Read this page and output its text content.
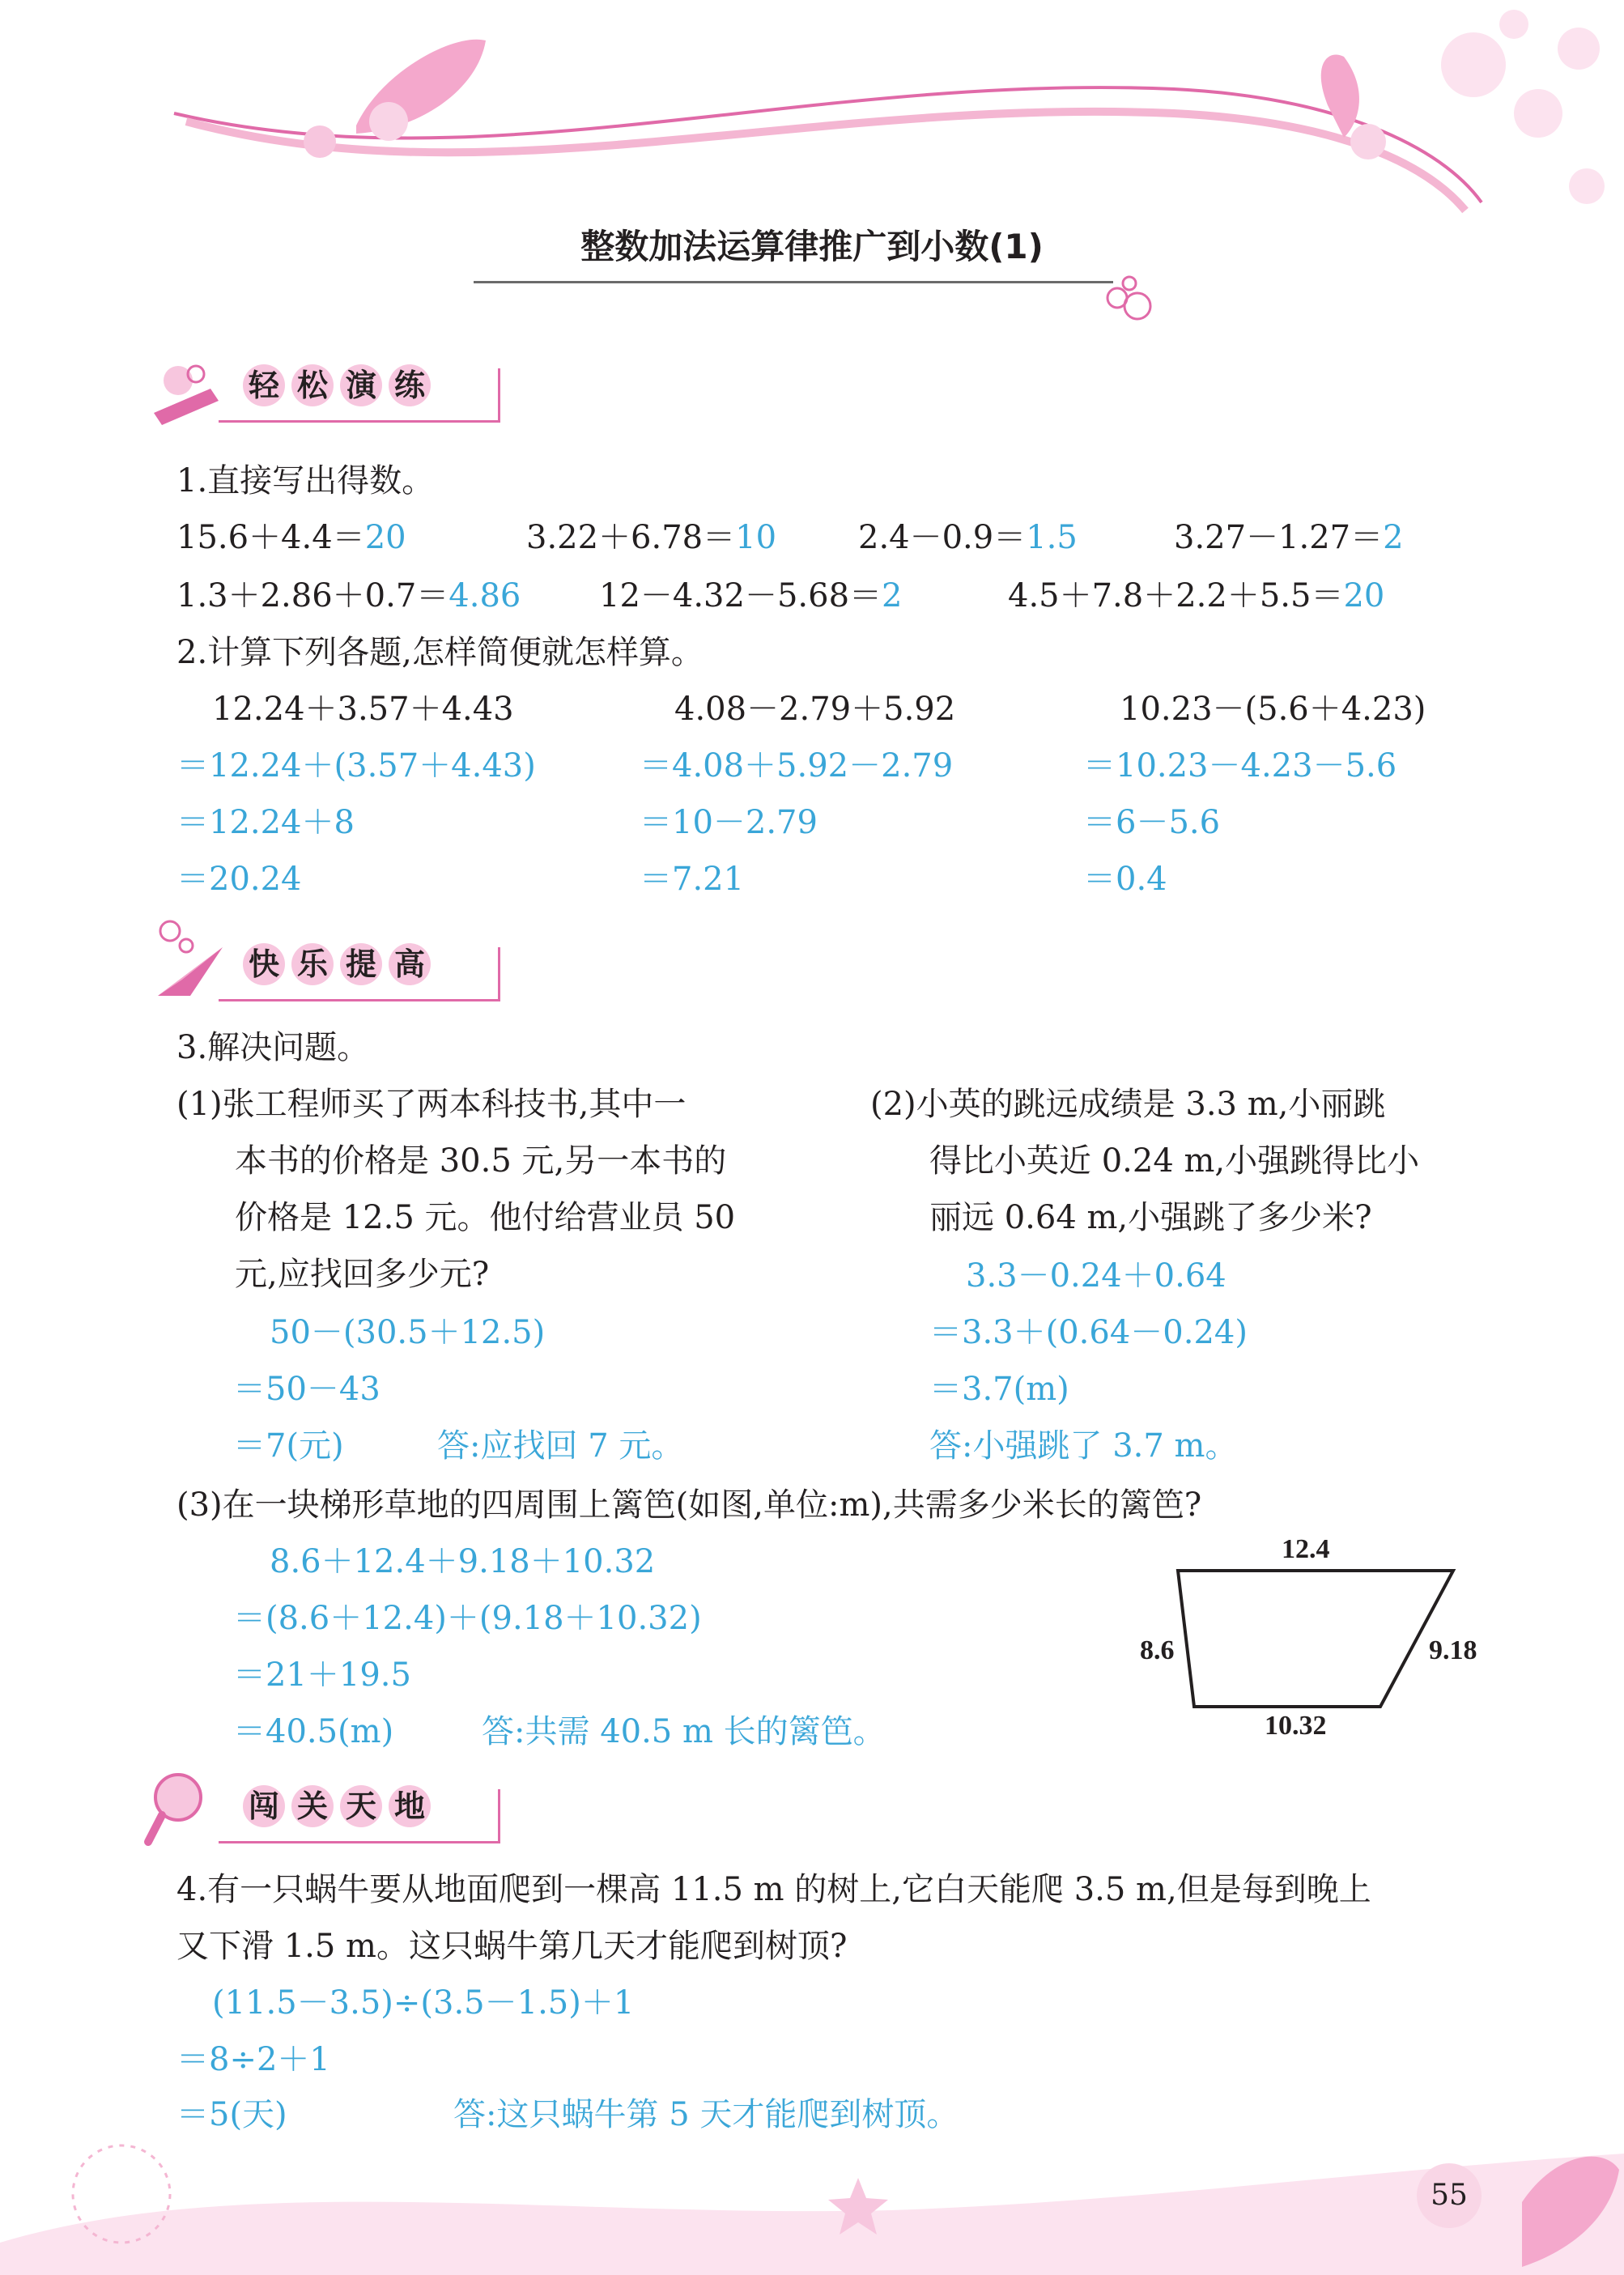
整数加法运算律推广到小数(1)
轻 松 演 练
1.直接写出得数。
15.6＋4.4＝20	3.22＋6.78＝10	2.4－0.9＝1.5	3.27－1.27＝2
1.3＋2.86＋0.7＝4.86 12－4.32－5.68＝2	4.5＋7.8＋2.2＋5.5＝20
2.计算下列各题,怎样简便就怎样算。
12.24＋3.57＋4.43
＝12.24＋(3.57＋4.43)
＝12.24＋8
＝20.24
4.08－2.79＋5.92
＝4.08＋5.92－2.79
＝10－2.79
＝7.21
10.23－(5.6＋4.23)
＝10.23－4.23－5.6
＝6－5.6
＝0.4
快 乐 提 高
3.解决问题。
(1)张工程师买了两本科技书,其中一
本书的价格是 30.5 元,另一本书的
价格是 12.5 元。他付给营业员 50
元,应找回多少元?
50－(30.5＋12.5)
＝50－43
＝7(元)	答:应找回 7 元。
(2)小英的跳远成绩是 3.3 m,小丽跳
得比小英近 0.24 m,小强跳得比小
丽远 0.64 m,小强跳了多少米?
3.3－0.24＋0.64
＝3.3＋(0.64－0.24)
＝3.7(m)
答:小强跳了 3.7 m。
(3)在一块梯形草地的四周围上篱笆(如图,单位:m),共需多少米长的篱笆?
8.6＋12.4＋9.18＋10.32
＝(8.6＋12.4)＋(9.18＋10.32)
＝21＋19.5
＝40.5(m)	答:共需 40.5 m 长的篱笆。
12.4
8.6	9.18
10.32
闯 关 天 地
4.有一只蜗牛要从地面爬到一棵高 11.5 m 的树上,它白天能爬 3.5 m,但是每到晚上
又下滑 1.5 m。这只蜗牛第几天才能爬到树顶?
(11.5－3.5)÷(3.5－1.5)＋1
＝8÷2＋1
＝5(天)	答:这只蜗牛第 5 天才能爬到树顶。
55
